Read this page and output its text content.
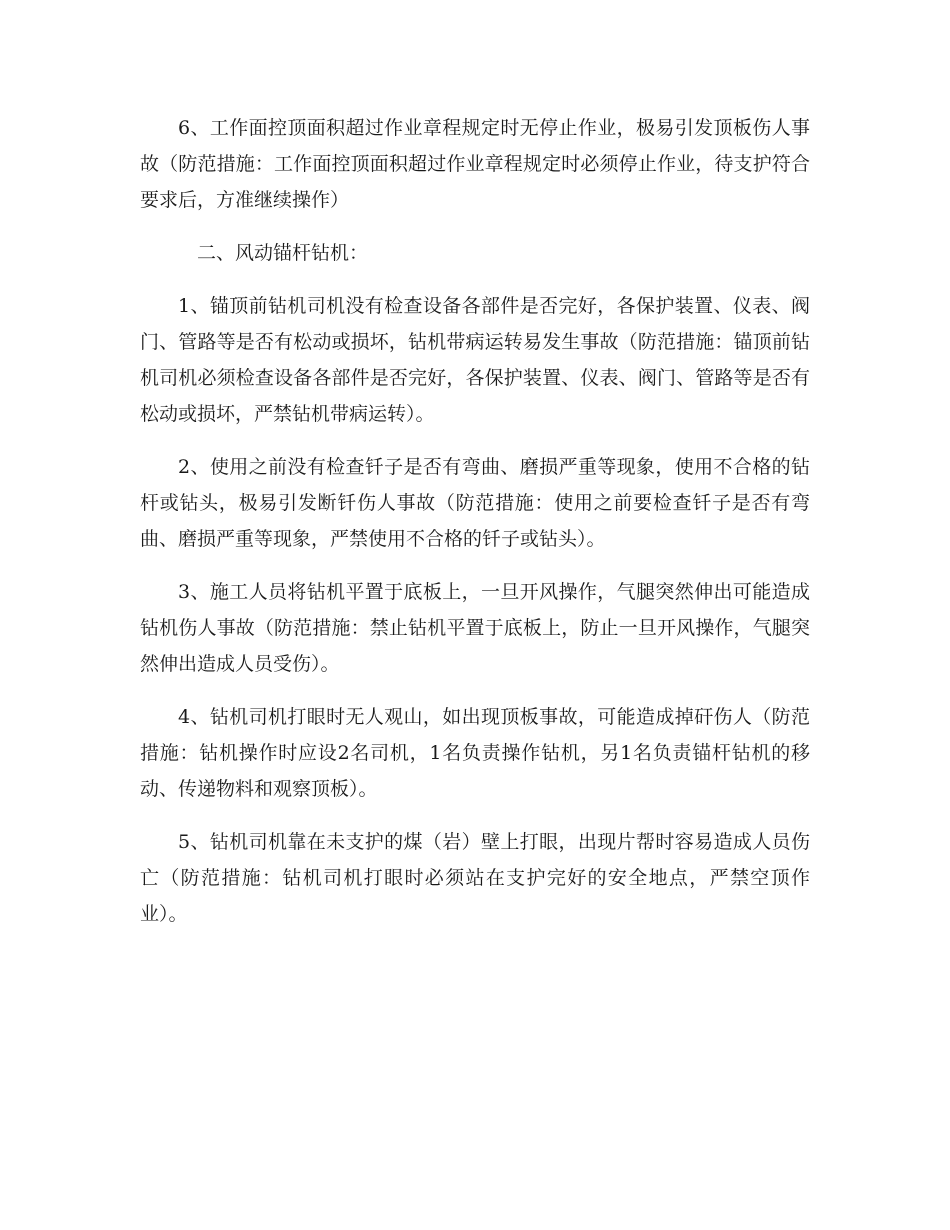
6、工作面控顶面积超过作业章程规定时无停止作业，极易引发顶板伤人事故（防范措施：工作面控顶面积超过作业章程规定时必须停止作业，待支护符合要求后，方准继续操作）

二、风动锚杆钻机：

1、锚顶前钻机司机没有检查设备各部件是否完好，各保护装置、仪表、阀门、管路等是否有松动或损坏，钻机带病运转易发生事故（防范措施：锚顶前钻机司机必须检查设备各部件是否完好，各保护装置、仪表、阀门、管路等是否有松动或损坏，严禁钻机带病运转）。

2、使用之前没有检查钎子是否有弯曲、磨损严重等现象，使用不合格的钻杆或钻头，极易引发断钎伤人事故（防范措施：使用之前要检查钎子是否有弯曲、磨损严重等现象，严禁使用不合格的钎子或钻头）。

3、施工人员将钻机平置于底板上，一旦开风操作，气腿突然伸出可能造成钻机伤人事故（防范措施：禁止钻机平置于底板上，防止一旦开风操作，气腿突然伸出造成人员受伤）。

4、钻机司机打眼时无人观山，如出现顶板事故，可能造成掉矸伤人（防范措施：钻机操作时应设2名司机，1名负责操作钻机，另1名负责锚杆钻机的移动、传递物料和观察顶板）。

5、钻机司机靠在未支护的煤（岩）壁上打眼，出现片帮时容易造成人员伤亡（防范措施：钻机司机打眼时必须站在支护完好的安全地点，严禁空顶作业）。
